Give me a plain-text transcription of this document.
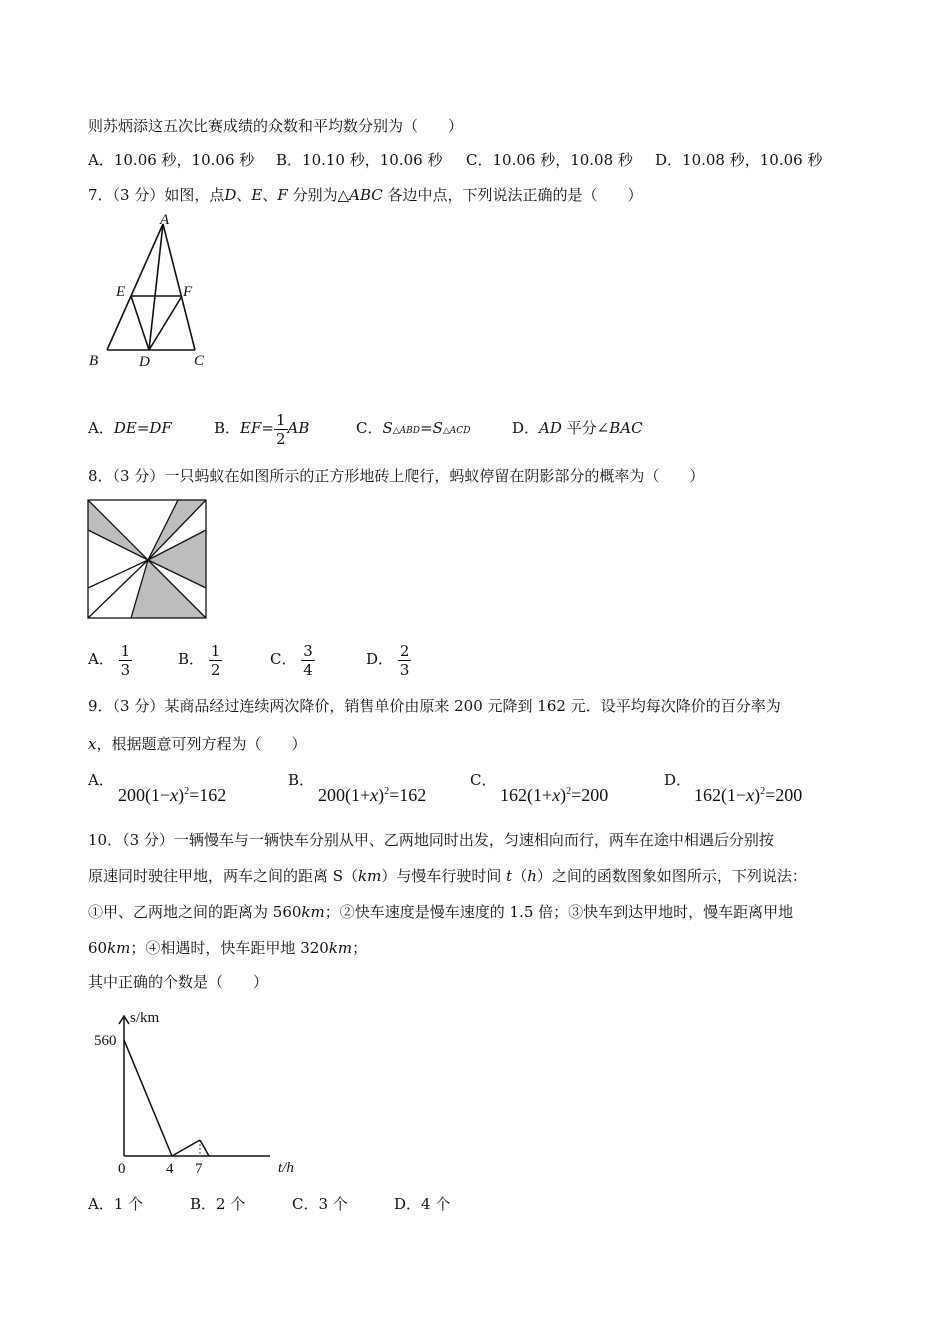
则苏炳添这五次比赛成绩的众数和平均数分别为（　　）
A．10.06 秒，10.06 秒 B．10.10 秒，10.06 秒 C．10.06 秒，10.08 秒 D．10.08 秒，10.06 秒
7．（3 分）如图，点D、E、F 分别为△ABC 各边中点，下列说法正确的是（　　）
A
E	F
B	D	C
A．DE=DF	B．$EF= \frac{1}{2}$ AB	C．S△ABD=S△ACD	D．AD 平分∠BAC
8．（3 分）一只蚂蚁在如图所示的正方形地砖上爬行，蚂蚁停留在阴影部分的概率为（　　）
A． $\frac{1}{3}$	B． $\frac{1}{2}$	C． $\frac{3}{4}$	D． $\frac{2}{3}$
9．（3 分）某商品经过连续两次降价，销售单价由原来 200 元降到 162 元．设平均每次降价的百分率为
x，根据题意可列方程为（　　）
A．
$200(1-x)^2=162$
B．
$200(1+x)^2=162$
C．
$162(1+x)^2=200$
D．
$162(1-x)^2=200$
10．（3 分）一辆慢车与一辆快车分别从甲、乙两地同时出发，匀速相向而行，两车在途中相遇后分别按
原速同时驶往甲地，两车之间的距离 S（km）与慢车行驶时间 t（h）之间的函数图象如图所示，下列说法：
①甲、乙两地之间的距离为 560km；②快车速度是慢车速度的 1.5 倍；③快车到达甲地时，慢车距离甲地
60km；④相遇时，快车距甲地 320km；
其中正确的个数是（　　）
s/km
560
0	4 7	t/h
A．1 个	B．2 个	C．3 个	D．4 个
